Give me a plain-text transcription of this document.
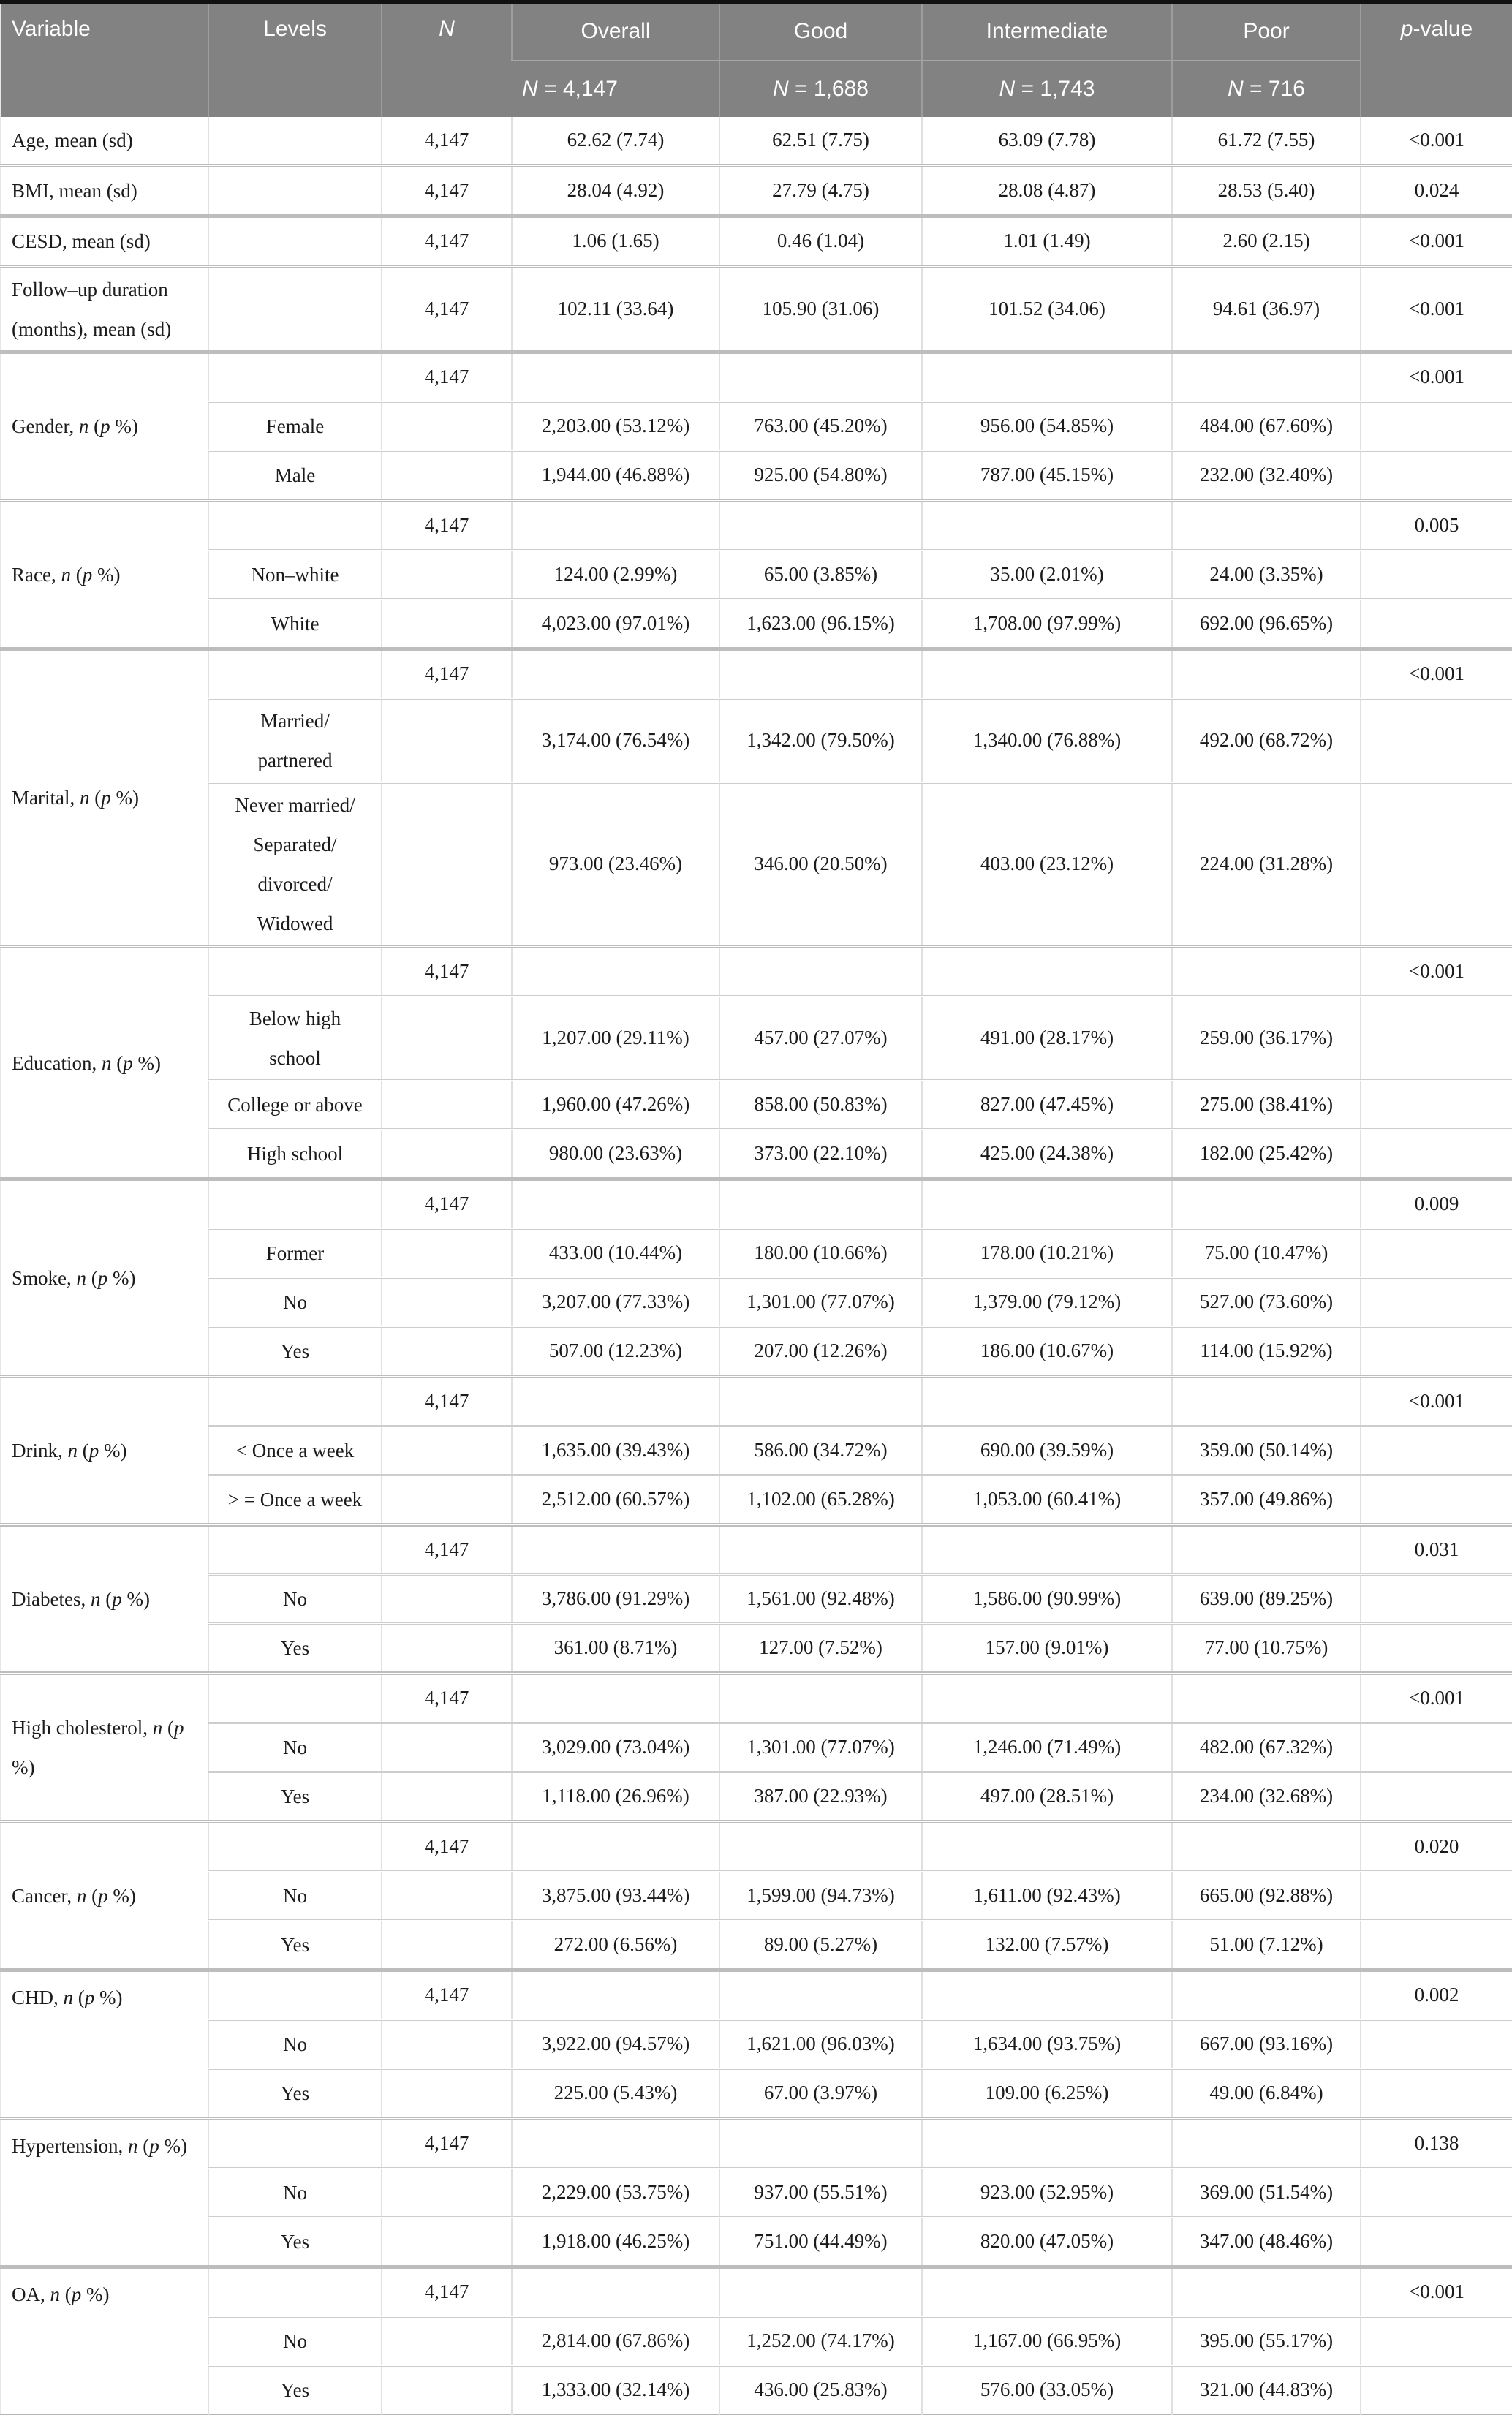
Variable	Levels	N	Overall	Good	Intermediate	Poor	p-value
			N = 4,147	N = 1,688	N = 1,743	N = 716	
Age, mean (sd)		4,147	62.62 (7.74)	62.51 (7.75)	63.09 (7.78)	61.72 (7.55)	<0.001
BMI, mean (sd)		4,147	28.04 (4.92)	27.79 (4.75)	28.08 (4.87)	28.53 (5.40)	0.024
CESD, mean (sd)		4,147	1.06 (1.65)	0.46 (1.04)	1.01 (1.49)	2.60 (2.15)	<0.001
Follow–up duration (months), mean (sd)		4,147	102.11 (33.64)	105.90 (31.06)	101.52 (34.06)	94.61 (36.97)	<0.001
Gender, n (p %)		4,147					<0.001
	Female		2,203.00 (53.12%)	763.00 (45.20%)	956.00 (54.85%)	484.00 (67.60%)	
	Male		1,944.00 (46.88%)	925.00 (54.80%)	787.00 (45.15%)	232.00 (32.40%)	
Race, n (p %)		4,147					0.005
	Non–white		124.00 (2.99%)	65.00 (3.85%)	35.00 (2.01%)	24.00 (3.35%)	
	White		4,023.00 (97.01%)	1,623.00 (96.15%)	1,708.00 (97.99%)	692.00 (96.65%)	
Marital, n (p %)		4,147					<0.001
	Married/
partnered		3,174.00 (76.54%)	1,342.00 (79.50%)	1,340.00 (76.88%)	492.00 (68.72%)	
	Never married/
Separated/
divorced/
Widowed		973.00 (23.46%)	346.00 (20.50%)	403.00 (23.12%)	224.00 (31.28%)	
Education, n (p %)		4,147					<0.001
	Below high
school		1,207.00 (29.11%)	457.00 (27.07%)	491.00 (28.17%)	259.00 (36.17%)	
	College or above		1,960.00 (47.26%)	858.00 (50.83%)	827.00 (47.45%)	275.00 (38.41%)	
	High school		980.00 (23.63%)	373.00 (22.10%)	425.00 (24.38%)	182.00 (25.42%)	
Smoke, n (p %)		4,147					0.009
	Former		433.00 (10.44%)	180.00 (10.66%)	178.00 (10.21%)	75.00 (10.47%)	
	No		3,207.00 (77.33%)	1,301.00 (77.07%)	1,379.00 (79.12%)	527.00 (73.60%)	
	Yes		507.00 (12.23%)	207.00 (12.26%)	186.00 (10.67%)	114.00 (15.92%)	
Drink, n (p %)		4,147					<0.001
	< Once a week		1,635.00 (39.43%)	586.00 (34.72%)	690.00 (39.59%)	359.00 (50.14%)	
	> = Once a week		2,512.00 (60.57%)	1,102.00 (65.28%)	1,053.00 (60.41%)	357.00 (49.86%)	
Diabetes, n (p %)		4,147					0.031
	No		3,786.00 (91.29%)	1,561.00 (92.48%)	1,586.00 (90.99%)	639.00 (89.25%)	
	Yes		361.00 (8.71%)	127.00 (7.52%)	157.00 (9.01%)	77.00 (10.75%)	
High cholesterol, n (p %)		4,147					<0.001
	No		3,029.00 (73.04%)	1,301.00 (77.07%)	1,246.00 (71.49%)	482.00 (67.32%)	
	Yes		1,118.00 (26.96%)	387.00 (22.93%)	497.00 (28.51%)	234.00 (32.68%)	
Cancer, n (p %)		4,147					0.020
	No		3,875.00 (93.44%)	1,599.00 (94.73%)	1,611.00 (92.43%)	665.00 (92.88%)	
	Yes		272.00 (6.56%)	89.00 (5.27%)	132.00 (7.57%)	51.00 (7.12%)	
CHD, n (p %)		4,147					0.002
	No		3,922.00 (94.57%)	1,621.00 (96.03%)	1,634.00 (93.75%)	667.00 (93.16%)	
	Yes		225.00 (5.43%)	67.00 (3.97%)	109.00 (6.25%)	49.00 (6.84%)	
Hypertension, n (p %)		4,147					0.138
	No		2,229.00 (53.75%)	937.00 (55.51%)	923.00 (52.95%)	369.00 (51.54%)	
	Yes		1,918.00 (46.25%)	751.00 (44.49%)	820.00 (47.05%)	347.00 (48.46%)	
OA, n (p %)		4,147					<0.001
	No		2,814.00 (67.86%)	1,252.00 (74.17%)	1,167.00 (66.95%)	395.00 (55.17%)	
	Yes		1,333.00 (32.14%)	436.00 (25.83%)	576.00 (33.05%)	321.00 (44.83%)	
